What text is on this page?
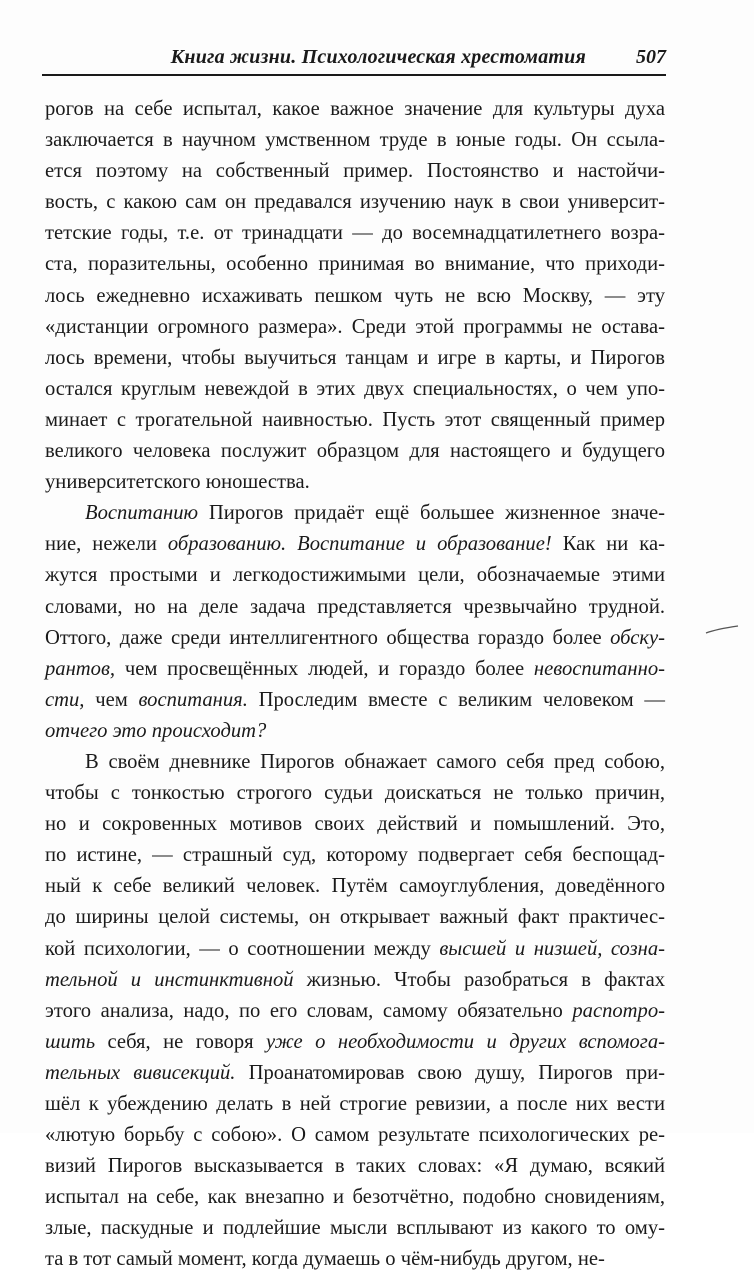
Книга жизни. Психологическая хрестоматия	507
рогов на себе испытал, какое важное значение для культуры духа
заключается в научном умственном труде в юные годы. Он ссыла-
ется поэтому на собственный пример. Постоянство и настойчи-
вость, с какою сам он предавался изучению наук в свои университ-
тетские годы, т.е. от тринадцати — до восемнадцатилетнего возра-
ста, поразительны, особенно принимая во внимание, что приходи-
лось ежедневно исхаживать пешком чуть не всю Москву, — эту
«дистанции огромного размера». Среди этой программы не остава-
лось времени, чтобы выучиться танцам и игре в карты, и Пирогов
остался круглым невеждой в этих двух специальностях, о чем упо-
минает с трогательной наивностью. Пусть этот священный пример
великого человека послужит образцом для настоящего и будущего
университетского юношества.
Воспитанию Пирогов придаёт ещё большее жизненное значе-
ние, нежели образованию. Воспитание и образование! Как ни ка-
жутся простыми и легкодостижимыми цели, обозначаемые этими
словами, но на деле задача представляется чрезвычайно трудной.
Оттого, даже среди интеллигентного общества гораздо более обску-
рантов, чем просвещённых людей, и гораздо более невоспитанно-
сти, чем воспитания. Проследим вместе с великим человеком —
отчего это происходит?
В своём дневнике Пирогов обнажает самого себя пред собою,
чтобы с тонкостью строгого судьи доискаться не только причин,
но и сокровенных мотивов своих действий и помышлений. Это,
по истине, — страшный суд, которому подвергает себя беспощад-
ный к себе великий человек. Путём самоуглубления, доведённого
до ширины целой системы, он открывает важный факт практичес-
кой психологии, — о соотношении между высшей и низшей, созна-
тельной и инстинктивной жизнью. Чтобы разобраться в фактах
этого анализа, надо, по его словам, самому обязательно распотро-
шить себя, не говоря уже о необходимости и других вспомога-
тельных вивисекций. Проанатомировав свою душу, Пирогов при-
шёл к убеждению делать в ней строгие ревизии, а после них вести
«лютую борьбу с собою». О самом результате психологических ре-
визий Пирогов высказывается в таких словах: «Я думаю, всякий
испытал на себе, как внезапно и безотчётно, подобно сновидениям,
злые, паскудные и подлейшие мысли всплывают из какого то ому-
та в тот самый момент, когда думаешь о чём-нибудь другом, не-
